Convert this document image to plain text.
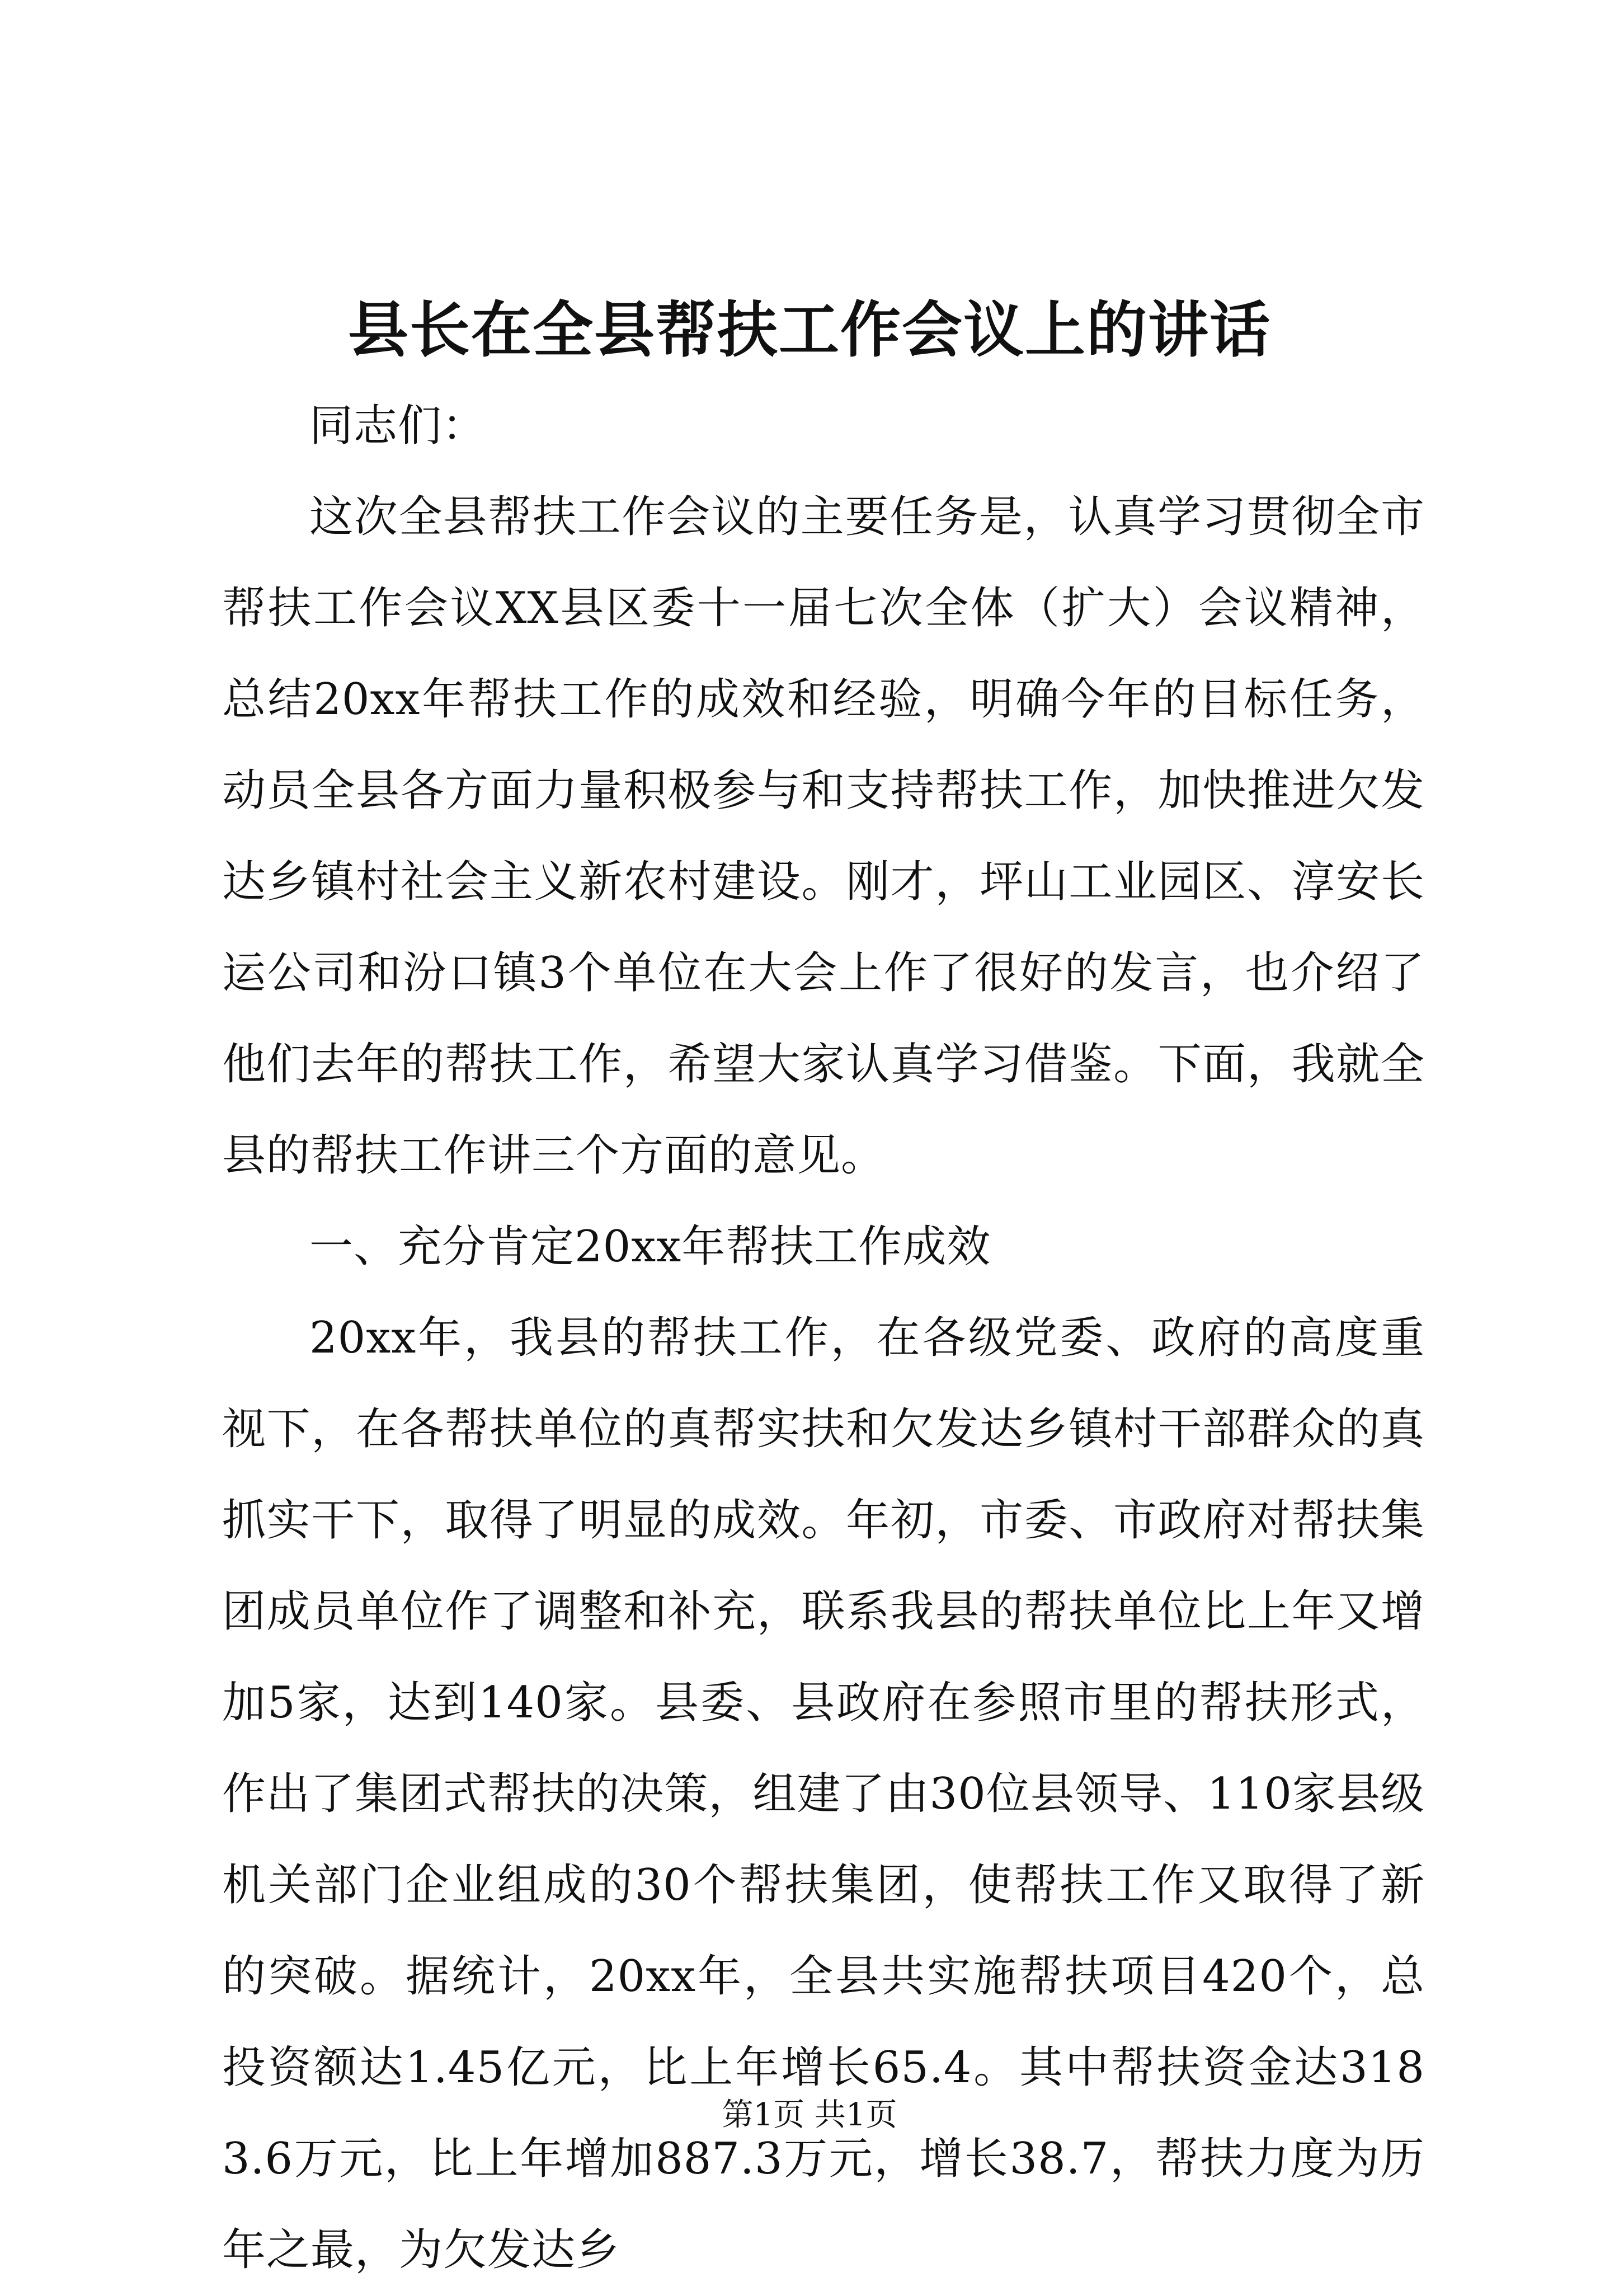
县长在全县帮扶工作会议上的讲话

同志们：

这次全县帮扶工作会议的主要任务是，认真学习贯彻全市帮扶工作会议XX县区委十一届七次全体（扩大）会议精神，总结20xx年帮扶工作的成效和经验，明确今年的目标任务，动员全县各方面力量积极参与和支持帮扶工作，加快推进欠发达乡镇村社会主义新农村建设。刚才，坪山工业园区、淳安长运公司和汾口镇3个单位在大会上作了很好的发言，也介绍了他们去年的帮扶工作，希望大家认真学习借鉴。下面，我就全县的帮扶工作讲三个方面的意见。

一、充分肯定20xx年帮扶工作成效

20xx年，我县的帮扶工作，在各级党委、政府的高度重视下，在各帮扶单位的真帮实扶和欠发达乡镇村干部群众的真抓实干下，取得了明显的成效。年初，市委、市政府对帮扶集团成员单位作了调整和补充，联系我县的帮扶单位比上年又增加5家，达到140家。县委、县政府在参照市里的帮扶形式，作出了集团式帮扶的决策，组建了由30位县领导、110家县级机关部门企业组成的30个帮扶集团，使帮扶工作又取得了新的突破。据统计，20xx年，全县共实施帮扶项目420个，总投资额达1.45亿元，比上年增长65.4。其中帮扶资金达3183.6万元，比上年增加887.3万元，增长38.7，帮扶力度为历年之最，为欠发达乡

第1页 共1页
